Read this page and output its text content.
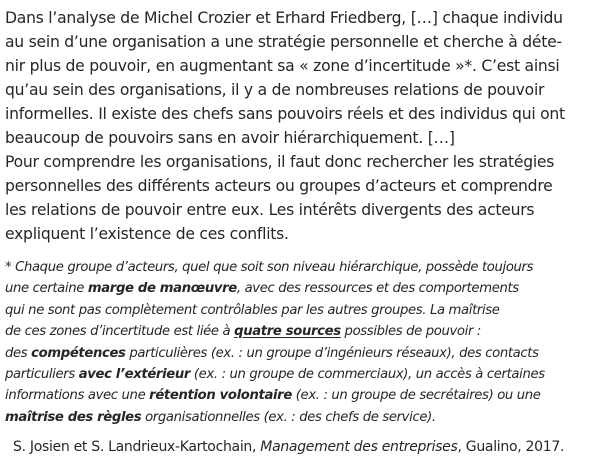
Dans l’analyse de Michel Crozier et Erhard Friedberg, […] chaque individu
au sein d’une organisation a une stratégie personnelle et cherche à déte-
nir plus de pouvoir, en augmentant sa « zone d’incertitude »*. C’est ainsi
qu’au sein des organisations, il y a de nombreuses relations de pouvoir
informelles. Il existe des chefs sans pouvoirs réels et des individus qui ont
beaucoup de pouvoirs sans en avoir hiérarchiquement. […]
Pour comprendre les organisations, il faut donc rechercher les stratégies
personnelles des différents acteurs ou groupes d’acteurs et comprendre
les relations de pouvoir entre eux. Les intérêts divergents des acteurs
expliquent l’existence de ces conflits.
* Chaque groupe d’acteurs, quel que soit son niveau hiérarchique, possède toujours
une certaine marge de manœuvre, avec des ressources et des comportements
qui ne sont pas complètement contrôlables par les autres groupes. La maîtrise
de ces zones d’incertitude est liée à quatre sources possibles de pouvoir :
des compétences particulières (ex. : un groupe d’ingénieurs réseaux), des contacts
particuliers avec l’extérieur (ex. : un groupe de commerciaux), un accès à certaines
informations avec une rétention volontaire (ex. : un groupe de secrétaires) ou une
maîtrise des règles organisationnelles (ex. : des chefs de service).
S. Josien et S. Landrieux-Kartochain, Management des entreprises, Gualino, 2017.
